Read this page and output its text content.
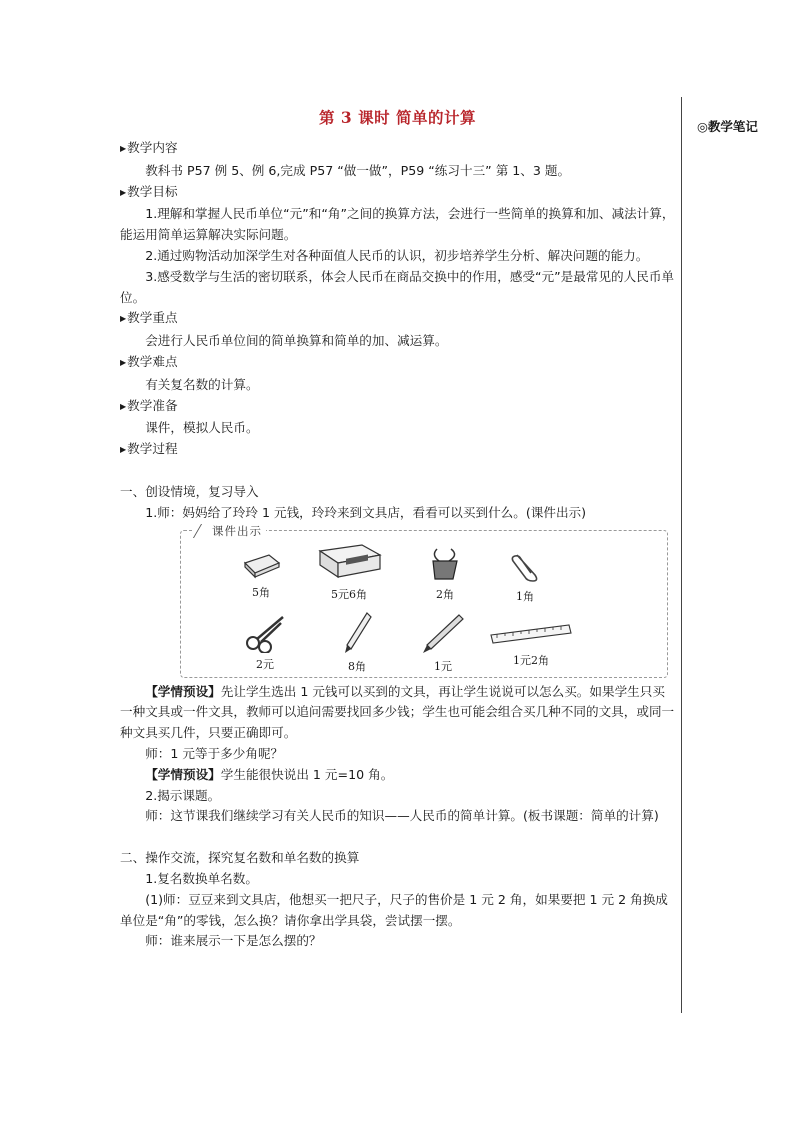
第 3 课时 简单的计算	◎教学笔记

▶教学内容

教科书 P57 例 5、例 6,完成 P57 “做一做”，P59 “练习十三” 第 1、3 题。

▶教学目标

1.理解和掌握人民币单位“元”和“角”之间的换算方法，会进行一些简单的换算和加、减法计算，能运用简单运算解决实际问题。

2.通过购物活动加深学生对各种面值人民币的认识，初步培养学生分析、解决问题的能力。

3.感受数学与生活的密切联系，体会人民币在商品交换中的作用，感受“元”是最常见的人民币单位。

▶教学重点

会进行人民币单位间的简单换算和简单的加、减运算。

▶教学难点

有关复名数的计算。

▶教学准备

课件，模拟人民币。

▶教学过程

一、创设情境，复习导入

1.师：妈妈给了玲玲 1 元钱，玲玲来到文具店，看看可以买到什么。(课件出示)

课件出示
5角	5元6角	2角	1角
2元	8角	1元	1元2角

【学情预设】先让学生选出 1 元钱可以买到的文具，再让学生说说可以怎么买。如果学生只买一种文具或一件文具，教师可以追问需要找回多少钱；学生也可能会组合买几种不同的文具，或同一种文具买几件，只要正确即可。

师：1 元等于多少角呢？

【学情预设】学生能很快说出 1 元=10 角。

2.揭示课题。

师：这节课我们继续学习有关人民币的知识——人民币的简单计算。(板书课题：简单的计算)

二、操作交流，探究复名数和单名数的换算

1.复名数换单名数。

(1)师：豆豆来到文具店，他想买一把尺子，尺子的售价是 1 元 2 角，如果要把 1 元 2 角换成单位是“角”的零钱，怎么换？请你拿出学具袋，尝试摆一摆。

师：谁来展示一下是怎么摆的？
